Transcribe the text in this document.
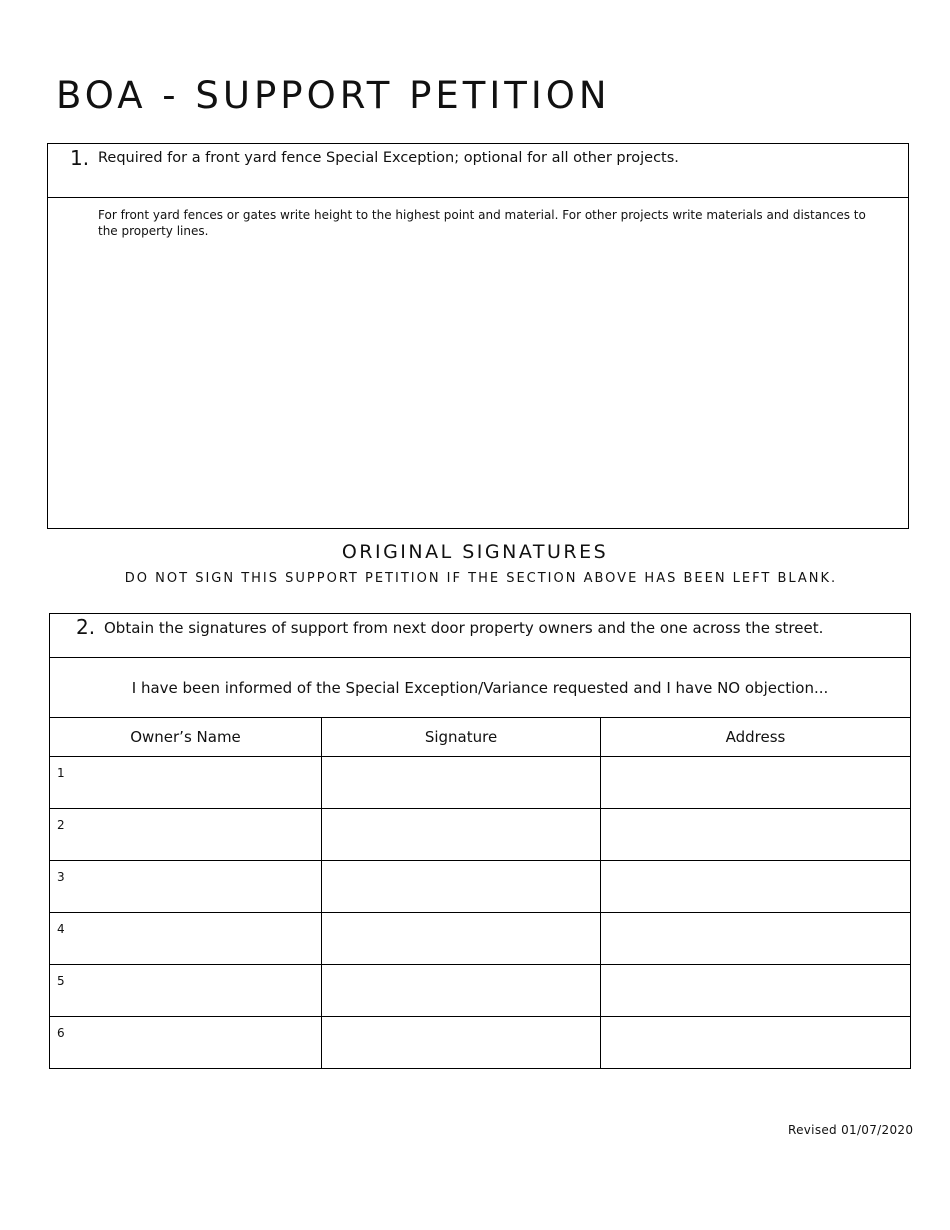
BOA - SUPPORT PETITION
1. Required for a front yard fence Special Exception; optional for all other projects.
For front yard fences or gates write height to the highest point and material. For other projects write materials and distances to the property lines.
ORIGINAL SIGNATURES
DO NOT SIGN THIS SUPPORT PETITION IF THE SECTION ABOVE HAS BEEN LEFT BLANK.
2. Obtain the signatures of support from next door property owners and the one across the street.		

I have been informed of the Special Exception/Variance requested and I have NO objection...		
Owner’s Name	Signature	Address

1		

2		

3		

4		

5		

6		

Revised 01/07/2020
